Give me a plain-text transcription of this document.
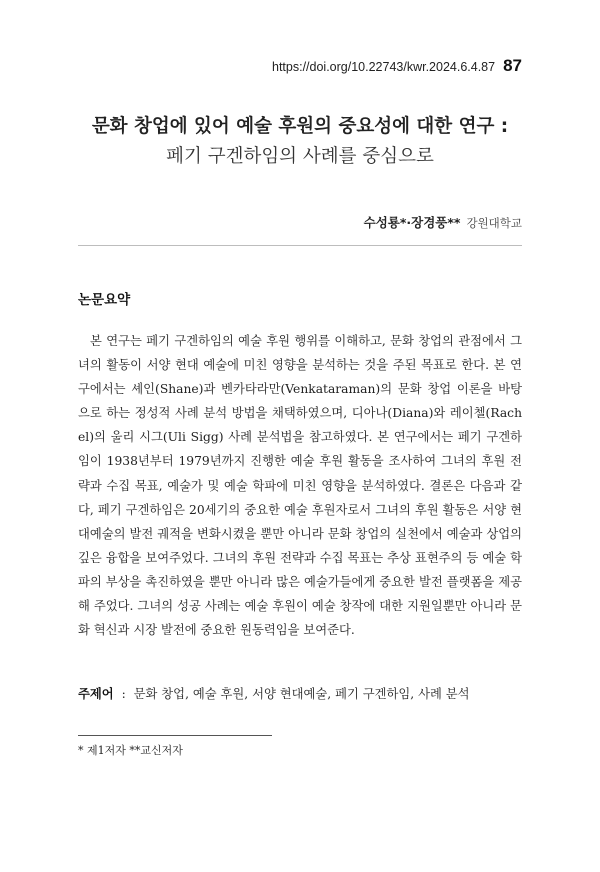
https://doi.org/10.22743/kwr.2024.6.4.87 87
문화 창업에 있어 예술 후원의 중요성에 대한 연구 :
페기 구겐하임의 사례를 중심으로
수성룡*·장경풍** 강원대학교
논문요약

본 연구는 페기 구겐하임의 예술 후원 행위를 이해하고, 문화 창업의 관점에서 그녀의 활동이 서양 현대 예술에 미친 영향을 분석하는 것을 주된 목표로 한다. 본 연구에서는 셰인(Shane)과 벤카타라만(Venkataraman)의 문화 창업 이론을 바탕으로 하는 정성적 사례 분석 방법을 채택하였으며, 디아나(Diana)와 레이첼(Rachel)의 울리 시그(Uli Sigg) 사례 분석법을 참고하였다. 본 연구에서는 페기 구겐하임이 1938년부터 1979년까지 진행한 예술 후원 활동을 조사하여 그녀의 후원 전략과 수집 목표, 예술가 및 예술 학파에 미친 영향을 분석하였다. 결론은 다음과 같다, 페기 구겐하임은 20세기의 중요한 예술 후원자로서 그녀의 후원 활동은 서양 현대예술의 발전 궤적을 변화시켰을 뿐만 아니라 문화 창업의 실천에서 예술과 상업의 깊은 융합을 보여주었다. 그녀의 후원 전략과 수집 목표는 추상 표현주의 등 예술 학파의 부상을 촉진하였을 뿐만 아니라 많은 예술가들에게 중요한 발전 플랫폼을 제공해 주었다. 그녀의 성공 사례는 예술 후원이 예술 창작에 대한 지원일뿐만 아니라 문화 혁신과 시장 발전에 중요한 원동력임을 보여준다.

주제어 : 문화 창업, 예술 후원, 서양 현대예술, 페기 구겐하임, 사례 분석
* 제1저자 **교신저자
